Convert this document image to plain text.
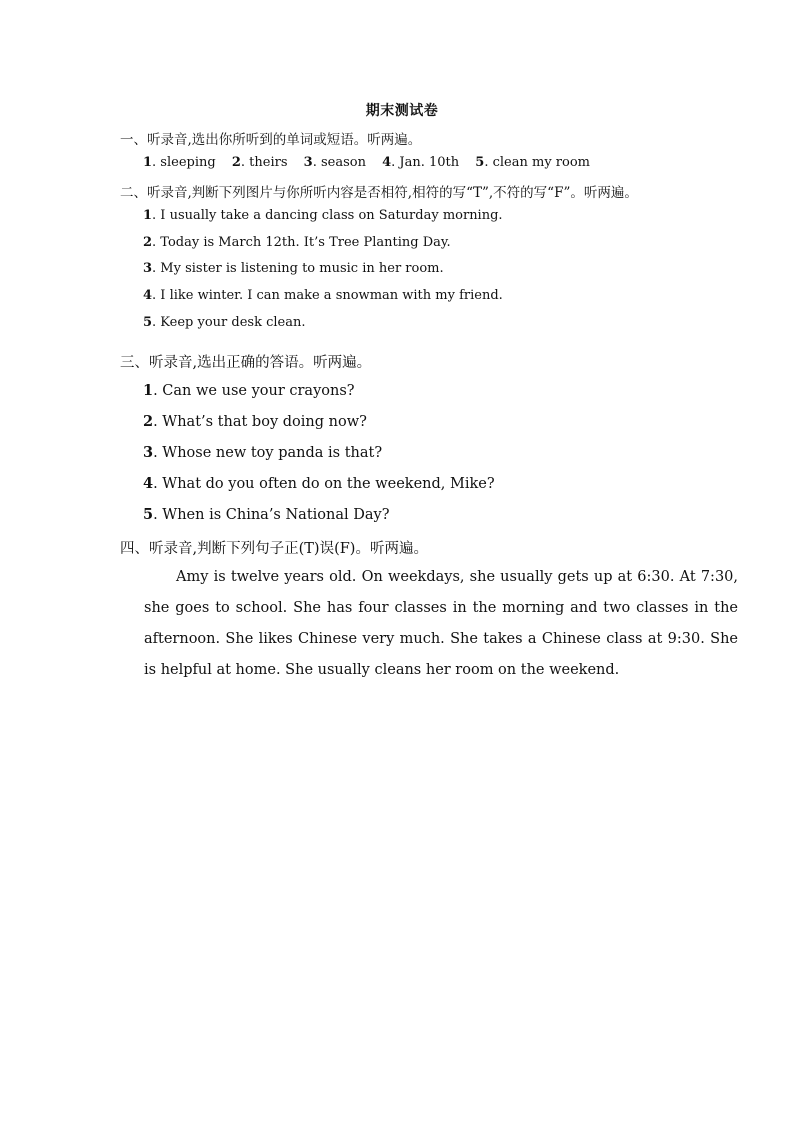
期末测试卷
一、听录音,选出你所听到的单词或短语。听两遍。
1. sleeping 2. theirs 3. season 4. Jan. 10th 5. clean my room
二、听录音,判断下列图片与你所听内容是否相符,相符的写“T”,不符的写“F”。听两遍。
1. I usually take a dancing class on Saturday morning.
2. Today is March 12th. It’s Tree Planting Day.
3. My sister is listening to music in her room.
4. I like winter. I can make a snowman with my friend.
5. Keep your desk clean.
三、听录音,选出正确的答语。听两遍。
1. Can we use your crayons?
2. What’s that boy doing now?
3. Whose new toy panda is that?
4. What do you often do on the weekend, Mike?
5. When is China’s National Day?
四、听录音,判断下列句子正(T)误(F)。听两遍。
Amy is twelve years old. On weekdays, she usually gets up at 6:30. At 7:30, she goes to school. She has four classes in the morning and two classes in the afternoon. She likes Chinese very much. She takes a Chinese class at 9:30. She is helpful at home. She usually cleans her room on the weekend.
